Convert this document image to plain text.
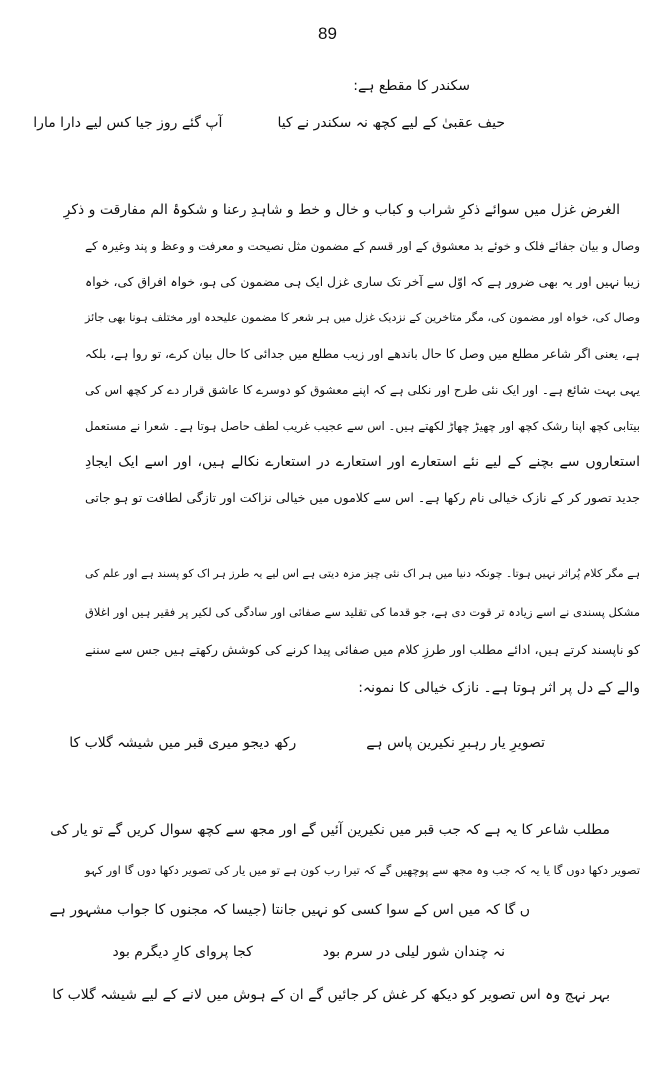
89
سکندر کا مقطع ہے:
حیف عقبیٰ کے لیے کچھ نہ سکندر نے کیا
آپ گئے روز جیا کس لیے دارا مارا
الغرض غزل میں سوائے ذکرِ شراب و کباب و خال و خط و شاہدِ رعنا و شکوۂ الم مفارقت و ذکرِ
وصال و بیان جفائے فلک و خوئے بد معشوق کے اور قسم کے مضمون مثل نصیحت و معرفت و وعظ و پند وغیرہ کے
زیبا نہیں اور یہ بھی ضرور ہے کہ اوّل سے آخر تک ساری غزل ایک ہی مضمون کی ہو، خواہ افراق کی، خواہ
وصال کی، خواہ اور مضمون کی، مگر متاخرین کے نزدیک غزل میں ہر شعر کا مضمون علیحدہ اور مختلف ہونا بھی جائز
ہے، یعنی اگر شاعر مطلع میں وصل کا حال باندھے اور زیب مطلع میں جدائی کا حال بیان کرے، تو روا ہے، بلکہ
یہی بہت شائع ہے۔ اور ایک نئی طرح اور نکلی ہے کہ اپنے معشوق کو دوسرے کا عاشق قرار دے کر کچھ اس کی
بیتابی کچھ اپنا رشک کچھ اور چھیڑ چھاڑ لکھتے ہیں۔ اس سے عجیب غریب لطف حاصل ہوتا ہے۔ شعرا نے مستعمل
استعاروں سے بچنے کے لیے نئے استعارے اور استعارے در استعارے نکالے ہیں، اور اسے ایک ایجادِ
جدید تصور کر کے نازک خیالی نام رکھا ہے۔ اس سے کلاموں میں خیالی نزاکت اور تازگی لطافت تو ہو جاتی
ہے مگر کلام پُراثر نہیں ہوتا۔ چونکہ دنیا میں ہر اک نئی چیز مزہ دیتی ہے اس لیے یہ طرز ہر اک کو پسند ہے اور علم کی
مشکل پسندی نے اسے زیادہ تر قوت دی ہے، جو قدما کی تقلید سے صفائی اور سادگی کی لکیر پر فقیر ہیں اور اغلاق
کو ناپسند کرتے ہیں، ادائے مطلب اور طرزِ کلام میں صفائی پیدا کرنے کی کوشش رکھتے ہیں جس سے سننے
والے کے دل پر اثر ہوتا ہے۔ نازک خیالی کا نمونہ:
تصویرِ یار رہبرِ نکیرین پاس ہے
رکھ دیجو میری قبر میں شیشہ گلاب کا
مطلب شاعر کا یہ ہے کہ جب قبر میں نکیرین آئیں گے اور مجھ سے کچھ سوال کریں گے تو یار کی
تصویر دکھا دوں گا یا یہ کہ جب وہ مجھ سے پوچھیں گے کہ تیرا رب کون ہے تو میں یار کی تصویر دکھا دوں گا اور کہو
ں گا کہ میں اس کے سوا کسی کو نہیں جانتا (جیسا کہ مجنوں کا جواب مشہور ہے
نہ چندان شور لیلی در سرم بود
کجا پروای کارِ دیگرم بود
بہر نہج وہ اس تصویر کو دیکھ کر غش کر جائیں گے ان کے ہوش میں لانے کے لیے شیشہ گلاب کا
